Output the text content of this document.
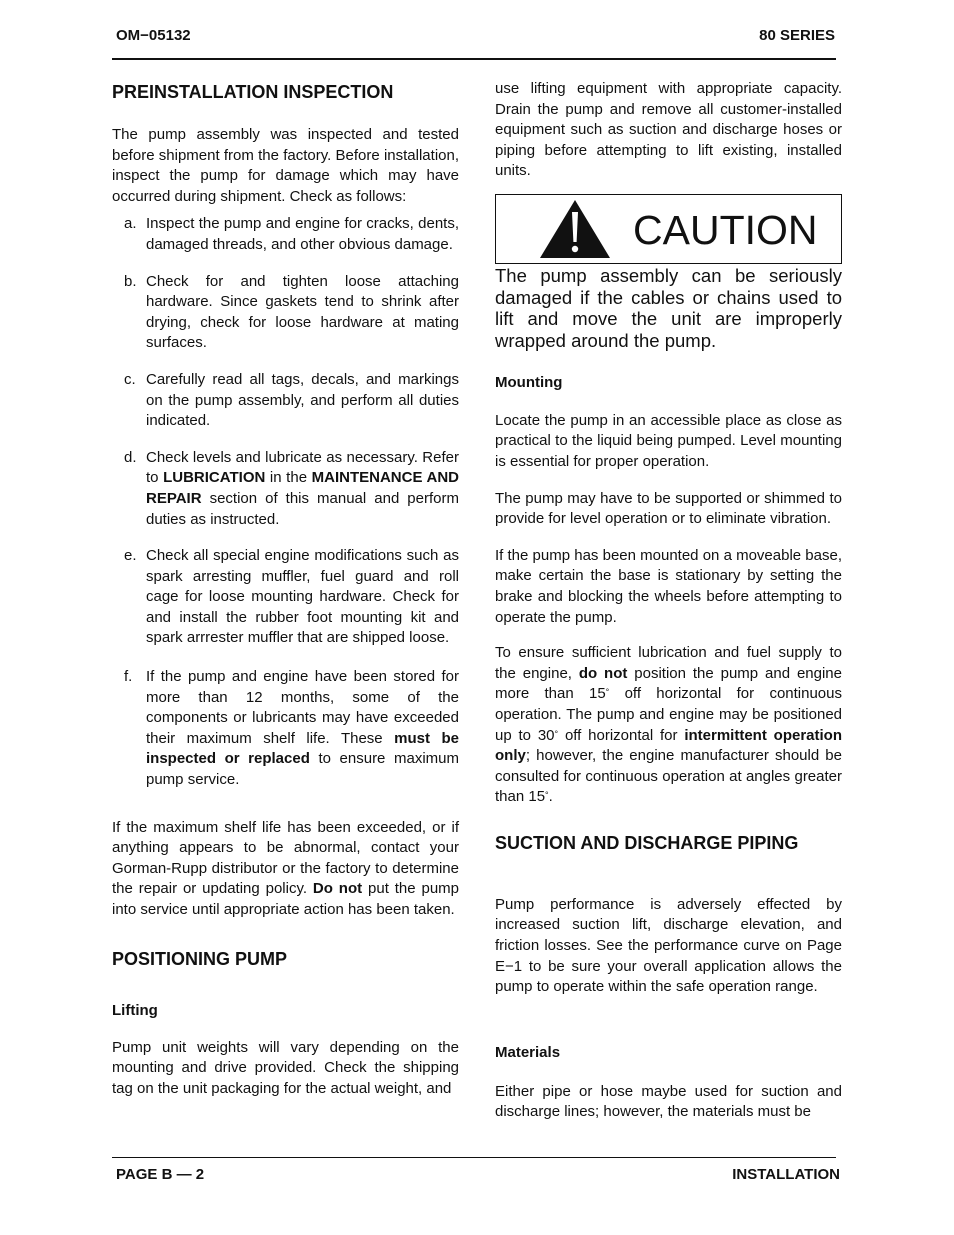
OM−05132	80 SERIES
PREINSTALLATION INSPECTION

The pump assembly was inspected and tested before shipment from the factory. Before installation, inspect the pump for damage which may have occurred during shipment. Check as follows:

a. Inspect the pump and engine for cracks, dents, damaged threads, and other obvious damage.
b. Check for and tighten loose attaching hardware. Since gaskets tend to shrink after drying, check for loose hardware at mating surfaces.
c. Carefully read all tags, decals, and markings on the pump assembly, and perform all duties indicated.
d. Check levels and lubricate as necessary. Refer to LUBRICATION in the MAINTENANCE AND REPAIR section of this manual and perform duties as instructed.
e. Check all special engine modifications such as spark arresting muffler, fuel guard and roll cage for loose mounting hardware. Check for and install the rubber foot mounting kit and spark arrrester muffler that are shipped loose.
f. If the pump and engine have been stored for more than 12 months, some of the components or lubricants may have exceeded their maximum shelf life. These must be inspected or replaced to ensure maximum pump service.

If the maximum shelf life has been exceeded, or if anything appears to be abnormal, contact your Gorman-Rupp distributor or the factory to determine the repair or updating policy. Do not put the pump into service until appropriate action has been taken.

POSITIONING PUMP
Lifting

Pump unit weights will vary depending on the mounting and drive provided. Check the shipping tag on the unit packaging for the actual weight, and

use lifting equipment with appropriate capacity. Drain the pump and remove all customer-installed equipment such as suction and discharge hoses or piping before attempting to lift existing, installed units.

CAUTION

The pump assembly can be seriously damaged if the cables or chains used to lift and move the unit are improperly wrapped around the pump.

Mounting

Locate the pump in an accessible place as close as practical to the liquid being pumped. Level mounting is essential for proper operation.

The pump may have to be supported or shimmed to provide for level operation or to eliminate vibration.

If the pump has been mounted on a moveable base, make certain the base is stationary by setting the brake and blocking the wheels before attempting to operate the pump.

To ensure sufficient lubrication and fuel supply to the engine, do not position the pump and engine more than 15° off horizontal for continuous operation. The pump and engine may be positioned up to 30° off horizontal for intermittent operation only; however, the engine manufacturer should be consulted for continuous operation at angles greater than 15°.

SUCTION AND DISCHARGE PIPING

Pump performance is adversely effected by increased suction lift, discharge elevation, and friction losses. See the performance curve on Page E−1 to be sure your overall application allows the pump to operate within the safe operation range.

Materials

Either pipe or hose maybe used for suction and discharge lines; however, the materials must be

PAGE B — 2	INSTALLATION
